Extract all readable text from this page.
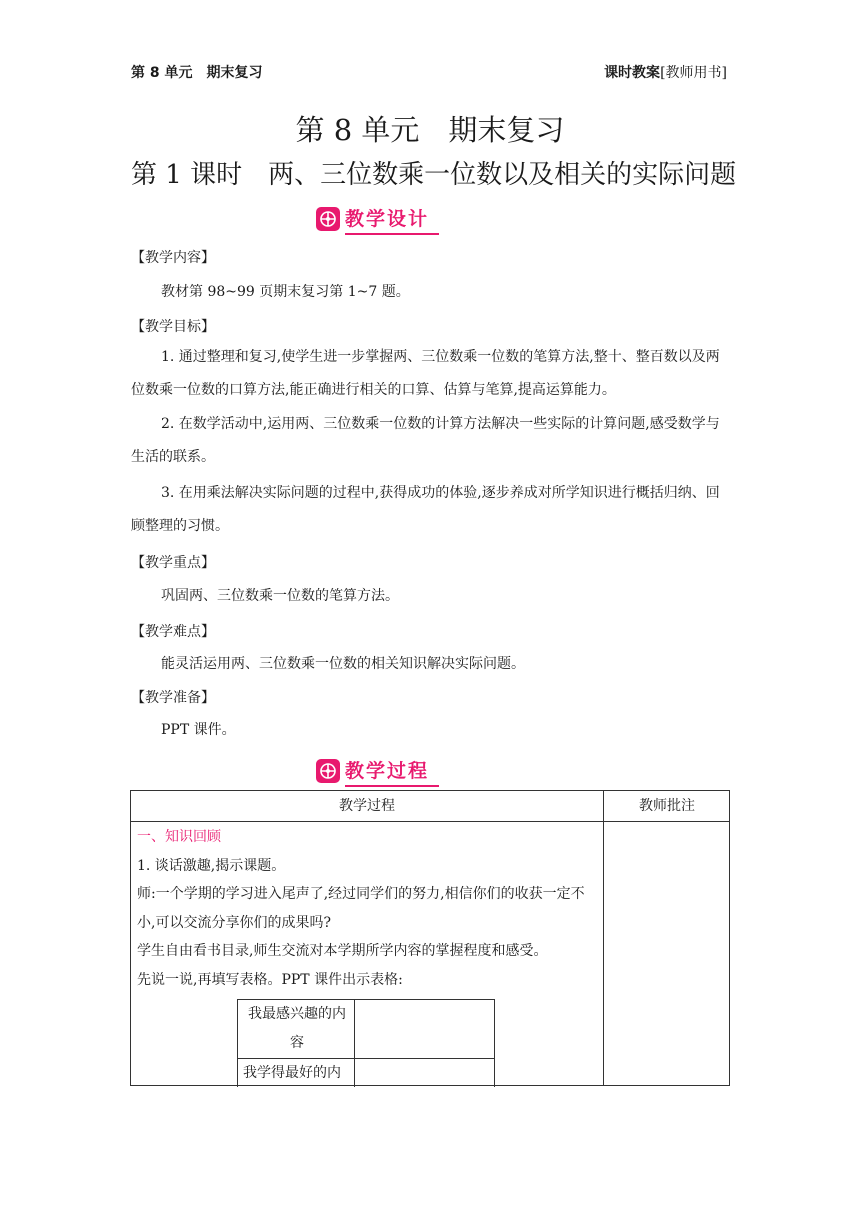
第 8 单元　期末复习	课时教案[教师用书]
第 8 单元　期末复习
第 1 课时　两、三位数乘一位数以及相关的实际问题
教学设计
【教学内容】
教材第 98~99 页期末复习第 1~7 题。
【教学目标】
1. 通过整理和复习,使学生进一步掌握两、三位数乘一位数的笔算方法,整十、整百数以及两位数乘一位数的口算方法,能正确进行相关的口算、估算与笔算,提高运算能力。
2. 在数学活动中,运用两、三位数乘一位数的计算方法解决一些实际的计算问题,感受数学与生活的联系。
3. 在用乘法解决实际问题的过程中,获得成功的体验,逐步养成对所学知识进行概括归纳、回顾整理的习惯。
【教学重点】
巩固两、三位数乘一位数的笔算方法。
【教学难点】
能灵活运用两、三位数乘一位数的相关知识解决实际问题。
【教学准备】
PPT 课件。
教学过程
教学过程	教师批注
一、知识回顾
1. 谈话激趣,揭示课题。
师:一个学期的学习进入尾声了,经过同学们的努力,相信你们的收获一定不小,可以交流分享你们的成果吗?
学生自由看书目录,师生交流对本学期所学内容的掌握程度和感受。
先说一说,再填写表格。PPT 课件出示表格:
我最感兴趣的内容
我学得最好的内
